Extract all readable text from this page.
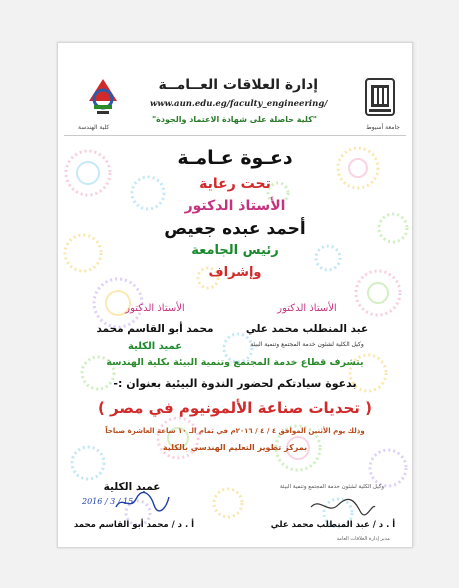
جامعة أسيوط
كلية الهندسة
إدارة العلاقات العــامــة
www.aun.edu.eg/faculty_engineering/
"كلية حاصلة على شهادة الاعتماد والجودة"
دعـوة عـامـة
تحت رعاية
الأستاذ الدكتور
أحمد عبده جعيص
رئيس الجامعة
وإشراف
الأستاذ الدكتور
عبد المنطلب محمد علي
وكيل الكلية لشئون خدمة المجتمع وتنمية البيئة
الأستاذ الدكتور
محمد أبو القاسم محمد
عميد الكلية
يتشرف قطاع خدمة المجتمع وتنمية البيئة بكلية الهندسة
بدعوة سيادتكم لحضور الندوة البيئية بعنوان :-
( تحديات صناعة الألمونيوم في مصر )
وذلك يوم الأثنين الموافق ٤ / ٤ / ٢٠١٦م في تمام الـ ١٠ ساعة العاشرة صباحاً
بمركز تطوير التعليم الهندسي بالكلية
عميد الكلية
2016 / 3 / 15
أ . د / محمد أبو القاسم محمد
وكيل الكلية لشئون خدمة المجتمع وتنمية البيئة
أ . د / عبد المنطلب محمد علي
مدير إدارة العلاقات العامة
